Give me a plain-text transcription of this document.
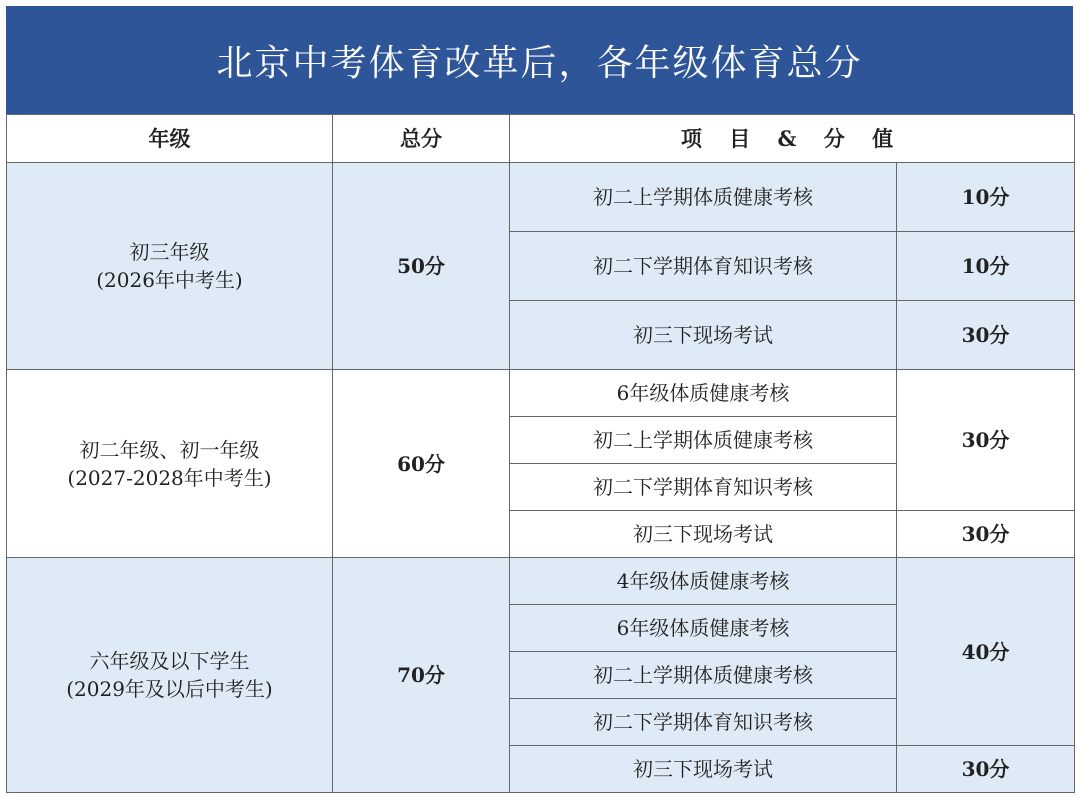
北京中考体育改革后，各年级体育总分
年级	总分	项 目 & 分 值	

初三年级
(2026年中考生)	50分	初二上学期体质健康考核	10分
		初二下学期体育知识考核	10分
		初三下现场考试	30分

初二年级、初一年级
(2027-2028年中考生)	60分	6年级体质健康考核	30分
		初二上学期体质健康考核	
		初二下学期体育知识考核	
		初三下现场考试	30分

六年级及以下学生
(2029年及以后中考生)	70分	4年级体质健康考核	40分
		6年级体质健康考核	
		初二上学期体质健康考核	
		初二下学期体育知识考核	
		初三下现场考试	30分
